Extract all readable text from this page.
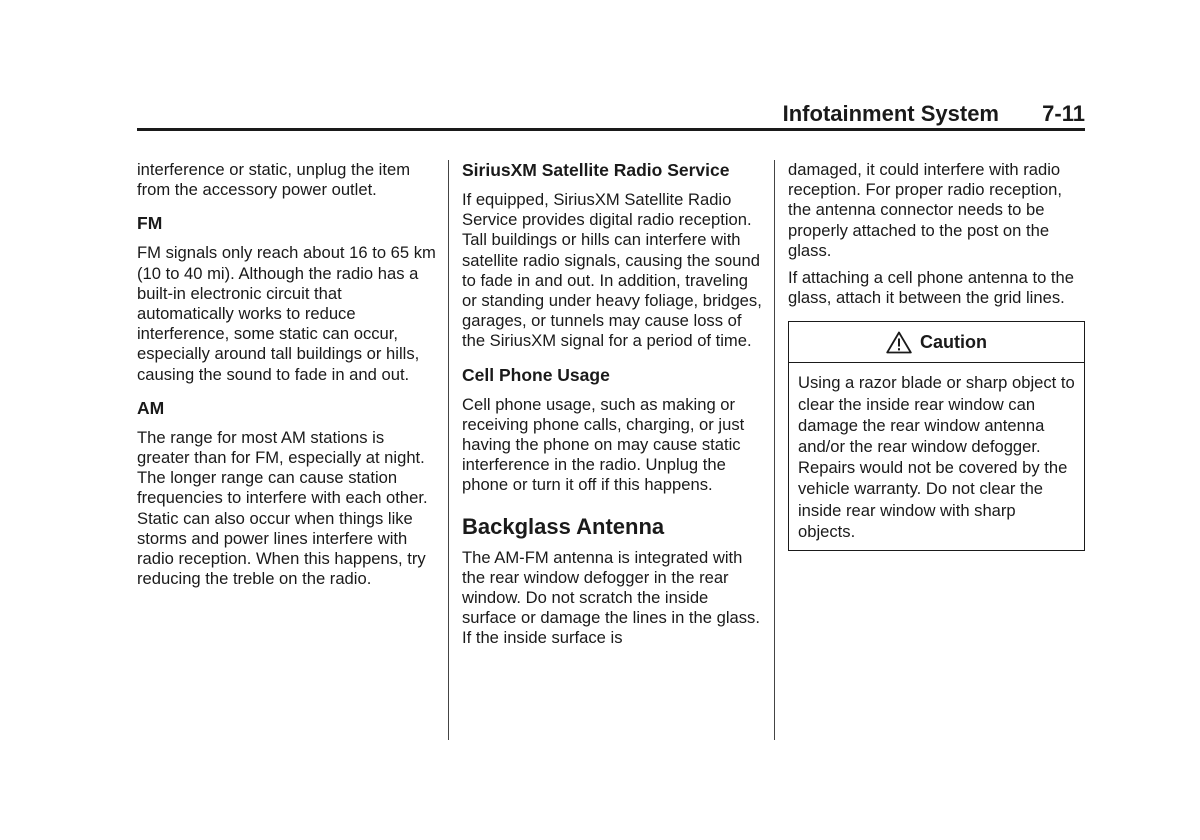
Infotainment System 7-11

interference or static, unplug the item from the accessory power outlet.

FM

FM signals only reach about 16 to 65 km (10 to 40 mi). Although the radio has a built-in electronic circuit that automatically works to reduce interference, some static can occur, especially around tall buildings or hills, causing the sound to fade in and out.

AM

The range for most AM stations is greater than for FM, especially at night. The longer range can cause station frequencies to interfere with each other. Static can also occur when things like storms and power lines interfere with radio reception. When this happens, try reducing the treble on the radio.

SiriusXM Satellite Radio Service

If equipped, SiriusXM Satellite Radio Service provides digital radio reception. Tall buildings or hills can interfere with satellite radio signals, causing the sound to fade in and out. In addition, traveling or standing under heavy foliage, bridges, garages, or tunnels may cause loss of the SiriusXM signal for a period of time.

Cell Phone Usage

Cell phone usage, such as making or receiving phone calls, charging, or just having the phone on may cause static interference in the radio. Unplug the phone or turn it off if this happens.

Backglass Antenna

The AM-FM antenna is integrated with the rear window defogger in the rear window. Do not scratch the inside surface or damage the lines in the glass. If the inside surface is

damaged, it could interfere with radio reception. For proper radio reception, the antenna connector needs to be properly attached to the post on the glass.

If attaching a cell phone antenna to the glass, attach it between the grid lines.

Caution
Using a razor blade or sharp object to clear the inside rear window can damage the rear window antenna and/or the rear window defogger. Repairs would not be covered by the vehicle warranty. Do not clear the inside rear window with sharp objects.
